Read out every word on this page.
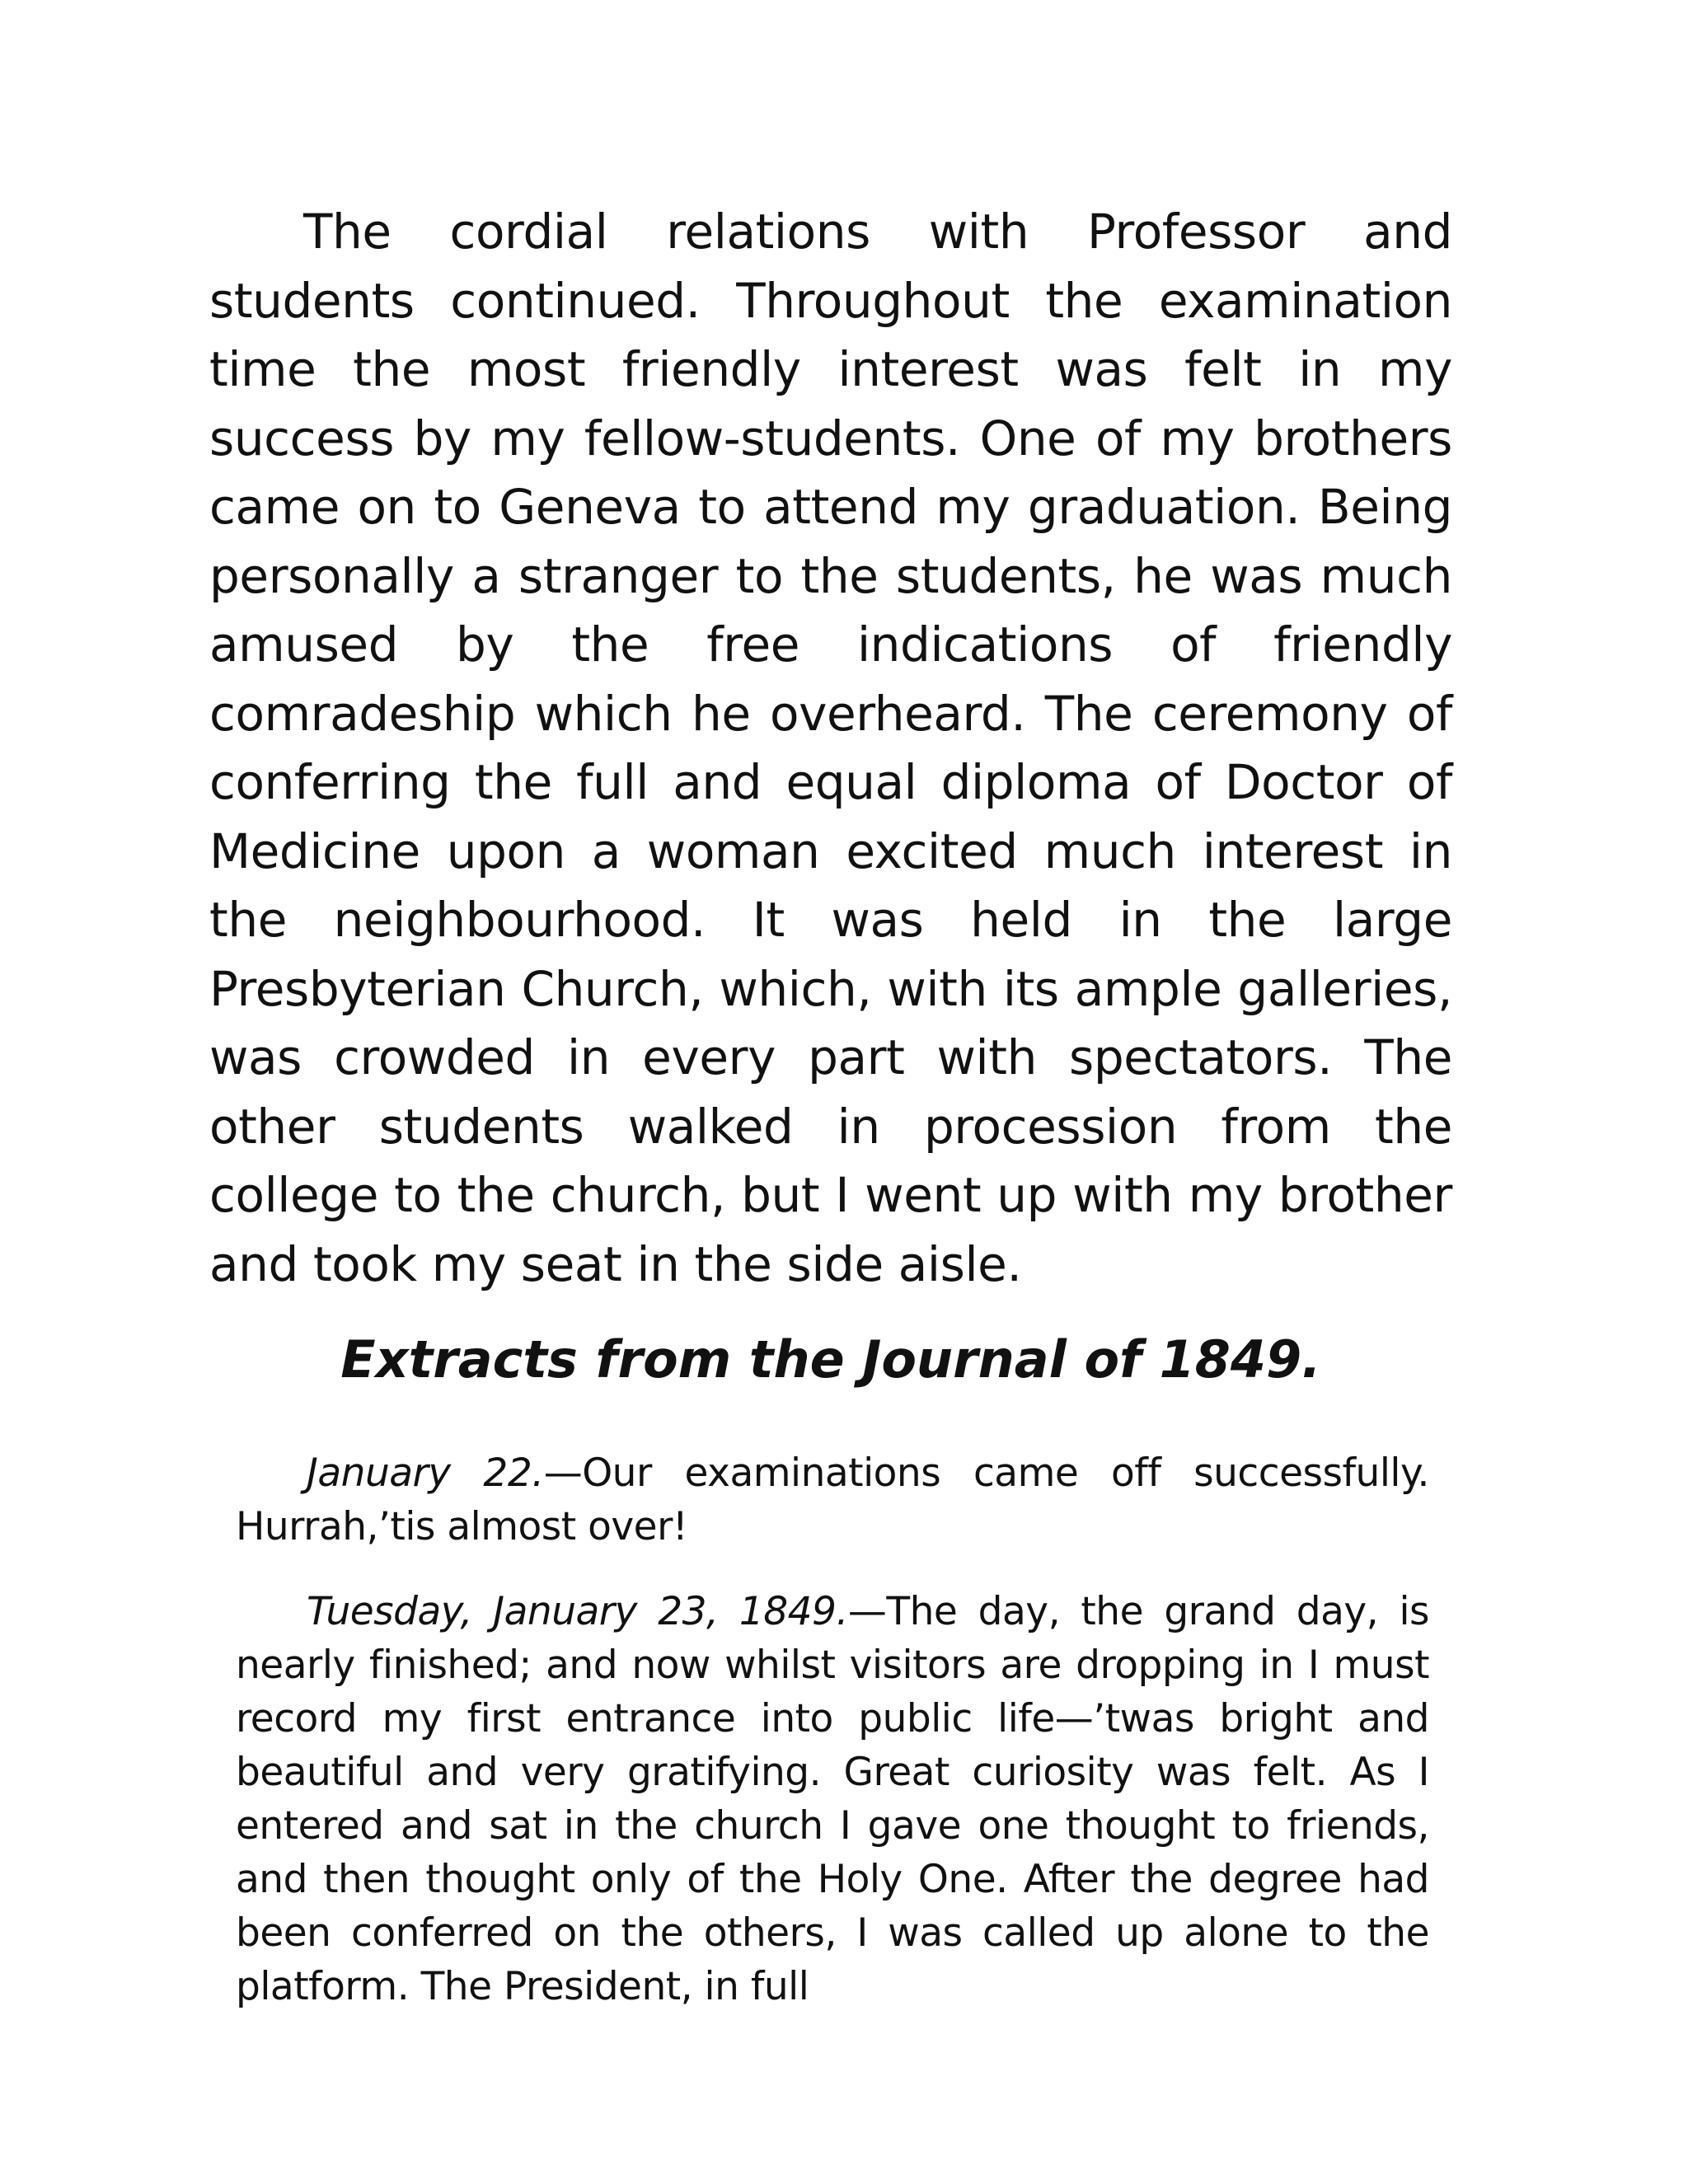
The cordial relations with Professor and students continued. Throughout the examination time the most friendly interest was felt in my success by my fellow-students. One of my brothers came on to Geneva to attend my graduation. Being personally a stranger to the students, he was much amused by the free indications of friendly comradeship which he overheard. The ceremony of conferring the full and equal diploma of Doctor of Medicine upon a woman excited much interest in the neighbourhood. It was held in the large Presbyterian Church, which, with its ample galleries, was crowded in every part with spectators. The other students walked in procession from the college to the church, but I went up with my brother and took my seat in the side aisle.

Extracts from the Journal of 1849.

January 22.—Our examinations came off successfully. Hurrah,’tis almost over!

Tuesday, January 23, 1849.—The day, the grand day, is nearly finished; and now whilst visitors are dropping in I must record my first entrance into public life—’twas bright and beautiful and very gratifying. Great curiosity was felt. As I entered and sat in the church I gave one thought to friends, and then thought only of the Holy One. After the degree had been conferred on the others, I was called up alone to the platform. The President, in full
